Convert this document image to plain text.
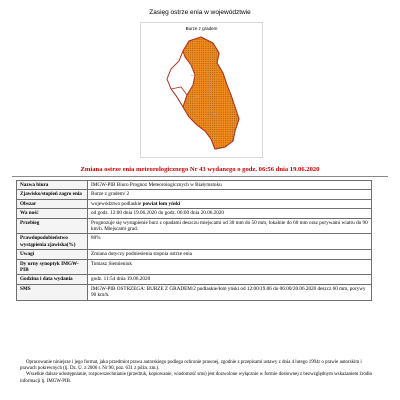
Zasięg ostrze enia w województwie
Burze z gradem
Zmiana ostrze enia meteorologicznego Nr 43 wydanego o godz. 06:56 dnia 19.06.2020
Nazwa biura	IMGW-PIB Biuro Prognoz Meteorologicznych w Białymstoku
Zjawisko/stopień zagro enia	Burze z gradem/ 2
Obszar	województwo podlaskie powiat łom yński
Wa ność	od godz. 12:00 dnia 19.06.2020 do godz. 06:00 dnia 20.06.2020
Przebieg	Prognozuje się wystąpienie burz z opadami deszczu miejscami od 30 mm do 50 mm, lokalnie do 60 mm oraz porywami wiatru do 90 km/h. Miejscami grad.
Prawdopodobieństwo wystąpienia zjawiska(%)	80%
Uwagi	Zmiana dotyczy podniesienia stopnia ostrze enia
Dy urny synoptyk IMGW-PIB	Tomasz Siemieniuk
Godzina i data wydania	godz. 11:54 dnia 19.06.2020
SMS	IMGW-PIB OSTRZEGA: BURZE Z GRADEM/2 podlaskie/łom yński od 12:00/19.06 do 06:00/20.06.2020 deszcz 60 mm, porywy 90 km/h.

Opracowanie niniejsze i jego format, jako przedmiot prawa autorskiego podlega ochronie prawnej, zgodnie z przepisami ustawy z dnia 4 lutego 1994r o prawie autorskim i prawach pokrewnych (tj. Dz. U. z 2006 r. Nr 90, poz. 631 z późn. zm.).

Wszelkie dalsze udostępnianie, rozpowszechnianie (przedruk, kopiowanie, wiadomość sms) jest dozwolone wyłącznie w formie dosłownej z bezwzględnym wskazaniem źródła informacji tj. IMGW-PIB.
